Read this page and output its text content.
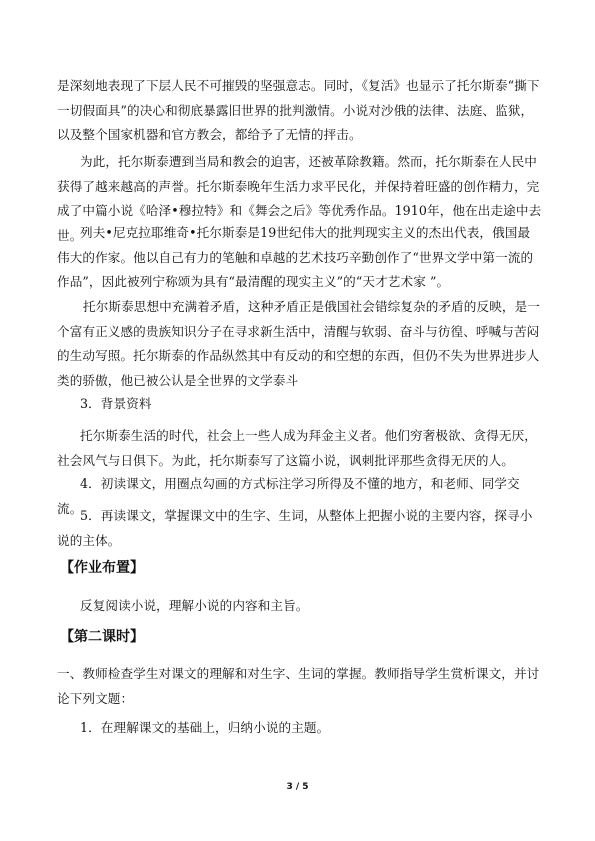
是深刻地表现了下层人民不可摧毁的坚强意志。同时，《复活》也显示了托尔斯泰“撕下一切假面具”的决心和彻底暴露旧世界的批判激情。小说对沙俄的法律、法庭、监狱，以及整个国家机器和官方教会，都给予了无情的抨击。
为此，托尔斯泰遭到当局和教会的迫害，还被革除教籍。然而，托尔斯泰在人民中获得了越来越高的声誉。托尔斯泰晚年生活力求平民化，并保持着旺盛的创作精力，完成了中篇小说《哈泽•穆拉特》和《舞会之后》等优秀作品。1910年，他在出走途中去世。
列夫•尼克拉耶维奇•托尔斯泰是19世纪伟大的批判现实主义的杰出代表，俄国最伟大的作家。他以自己有力的笔触和卓越的艺术技巧辛勤创作了“世界文学中第一流的作品”，因此被列宁称颂为具有“最清醒的现实主义”的“天才艺术家 ”。
托尔斯泰思想中充满着矛盾，这种矛盾正是俄国社会错综复杂的矛盾的反映，是一个富有正义感的贵族知识分子在寻求新生活中，清醒与软弱、奋斗与彷徨、呼喊与苦闷的生动写照。托尔斯泰的作品纵然其中有反动的和空想的东西，但仍不失为世界进步人类的骄傲，他已被公认是全世界的文学泰斗
3．背景资料
托尔斯泰生活的时代，社会上一些人成为拜金主义者。他们穷奢极欲、贪得无厌，社会风气与日俱下。为此，托尔斯泰写了这篇小说，讽刺批评那些贪得无厌的人。
4．初读课文，用圈点勾画的方式标注学习所得及不懂的地方，和老师、同学交流。
5．再读课文，掌握课文中的生字、生词，从整体上把握小说的主要内容，探寻小说的主体。
【作业布置】
反复阅读小说，理解小说的内容和主旨。
【第二课时】
一、教师检查学生对课文的理解和对生字、生词的掌握。教师指导学生赏析课文，并讨论下列文题：
1．在理解课文的基础上，归纳小说的主题。
3 / 5
